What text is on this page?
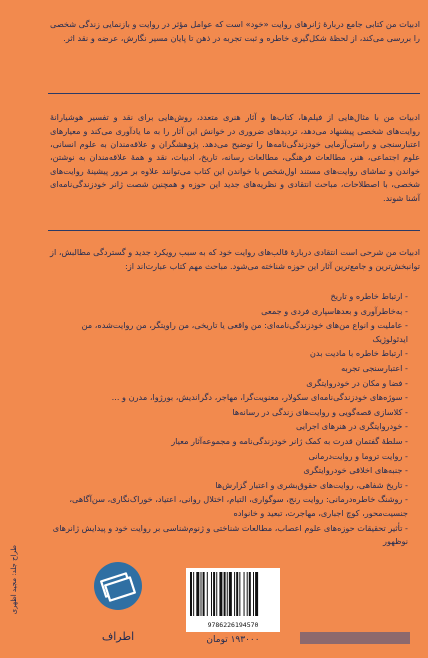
ادبیات من کتابی جامع دربارهٔ ژانرهای روایت «خود» است که عوامل مؤثر در روایت و بازنمایی زندگی شخصی را بررسی می‌کند، از لحظهٔ شکل‌گیری خاطره و ثبت تجربه در ذهن تا پایان مسیر نگارش، عرضه و نقد اثر.

ادبیات من با مثال‌هایی از فیلم‌ها، کتاب‌ها و آثار هنری متعدد، روش‌هایی برای نقد و تفسیر هوشیارانهٔ روایت‌های شخصی پیشنهاد می‌دهد، تردیدهای ضروری در خوانش این آثار را به ما یادآوری می‌کند و معیارهای اعتبارسنجی و راستی‌آزمایی خودزندگی‌نامه‌ها را توضیح می‌دهد. پژوهشگران و علاقه‌مندان به علوم انسانی، علوم اجتماعی، هنر، مطالعات فرهنگی، مطالعات رسانه، تاریخ، ادبیات، نقد و همهٔ علاقه‌مندان به نوشتن، خواندن و تماشای روایت‌های مستند اول‌شخص با خواندن این کتاب می‌توانند علاوه بر مرور پیشینهٔ روایت‌های شخصی، با اصطلاحات، مباحث انتقادی و نظریه‌های جدید این حوزه و همچنین شصت ژانر خودزندگی‌نامه‌ای آشنا شوند.

ادبیات من شرحی است انتقادی دربارهٔ قالب‌های روایت خود که به سبب رویکرد جدید و گستردگی مطالبش، از توانبخش‌ترین و جامع‌ترین آثار این حوزه شناخته می‌شود. مباحث مهم کتاب عبارت‌اند از:

- ارتباط خاطره و تاریخ
- به‌خاطرآوری و بعدهاسپاری فردی و جمعی
- عاملیت و انواع من‌های خودزندگی‌نامه‌ای: من واقعی یا تاریخی، من راویتگر، من روایت‌شده، من ایدئولوژیک
- ارتباط خاطره با مادیت بدن
- اعتبارسنجی تجربه
- فضا و مکان در خودروایتگری
- سوژه‌های خودزندگی‌نامه‌ای سکولار، معنویت‌گرا، مهاجر، دگراندیش، بورژوا، مدرن و ...
- کلاسازی قصه‌گویی و روایت‌های زندگی در رسانه‌ها
- خودروایتگری در هنرهای اجرایی
- سلطهٔ گفتمان قدرت به کمک ژانر خودزندگی‌نامه و مجموعه‌آثار معیار
- روایت تروما و روایت‌درمانی
- جنبه‌های اخلاقی خودروایتگری
- تاریخ شفاهی، روایت‌های حقوق‌بشری و اعتبار گزارش‌ها
- روشنگ خاطره‌درمانی: روایت رنج، سوگواری، التیام، اختلال روانی، اعتیاد، خوراک‌نگاری، سن‌آگاهی، جنسیت‌محور، کوچ اجباری، مهاجرت، تبعید و خانواده
- تأثیر تحقیقات حوزه‌های علوم اعصاب، مطالعات شناختی و ژنوم‌شناسی بر روایت خود و پیدایش ژانرهای نوظهور
طراح جلد: مجید اظهری
اطراف
9786226194570
۱۹۳۰۰۰ تومان
